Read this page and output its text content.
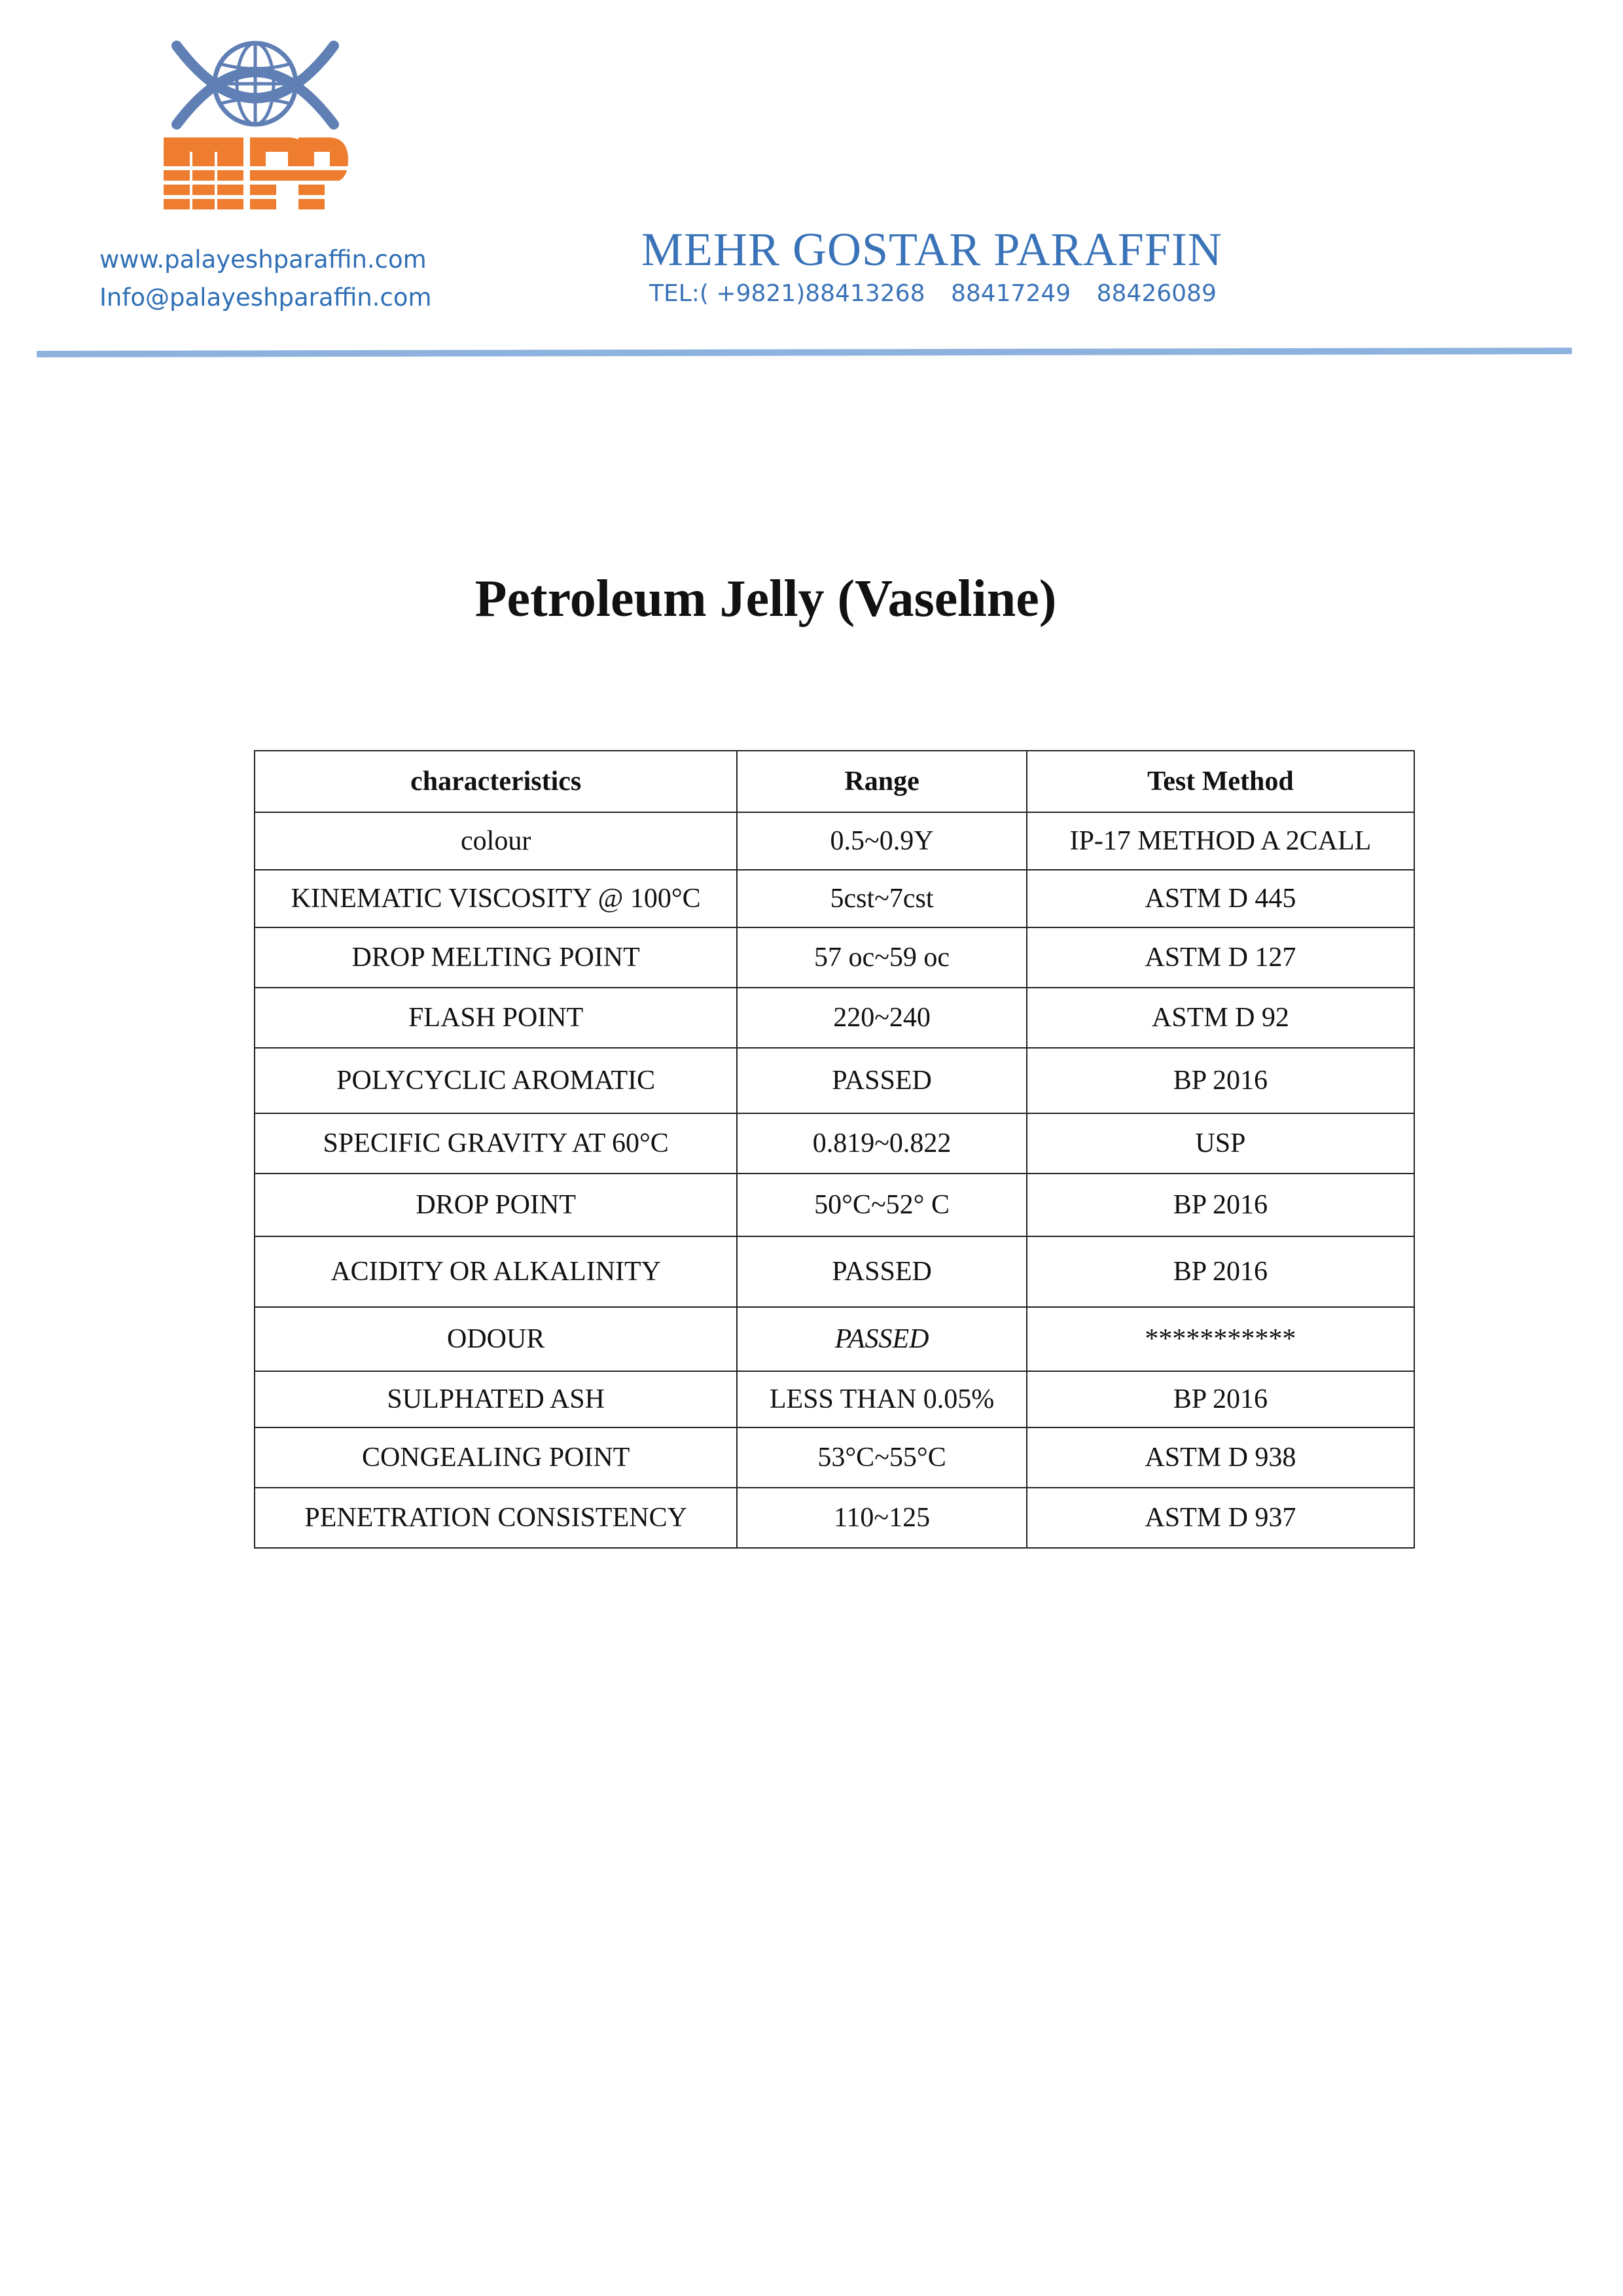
MPP
www.palayeshparaffin.com
Info@palayeshparaffin.com
MEHR GOSTAR PARAFFIN
TEL:( +9821)88413268 88417249 88426089
Petroleum Jelly (Vaseline)
characteristics	Range	Test Method
colour	0.5~0.9Y	IP-17 METHOD A 2CALL
KINEMATIC VISCOSITY @ 100°C	5cst~7cst	ASTM D 445
DROP MELTING POINT	57 oc~59 oc	ASTM D 127
FLASH POINT	220~240	ASTM D 92
POLYCYCLIC AROMATIC	PASSED	BP 2016
SPECIFIC GRAVITY AT 60°C	0.819~0.822	USP
DROP POINT	50°C~52° C	BP 2016
ACIDITY OR ALKALINITY	PASSED	BP 2016
ODOUR	PASSED	***********
SULPHATED ASH	LESS THAN 0.05%	BP 2016
CONGEALING POINT	53°C~55°C	ASTM D 938
PENETRATION CONSISTENCY	110~125	ASTM D 937
